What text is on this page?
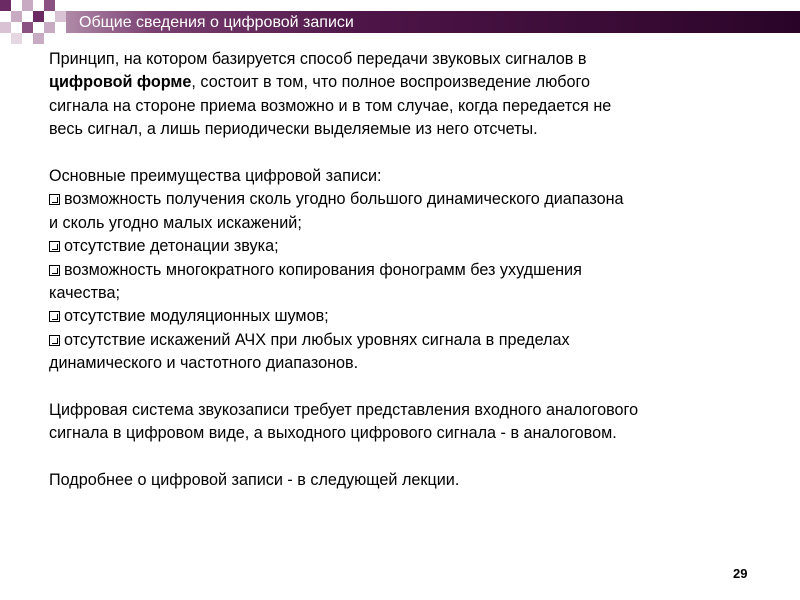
Общие сведения о цифровой записи

Принцип, на котором базируется способ передачи звуковых сигналов в
цифровой форме, состоит в том, что полное воспроизведение любого

сигнала на стороне приема возможно и в том случае, когда передается не

весь сигнал, а лишь периодически выделяемые из него отсчеты.

Основные преимущества цифровой записи:

возможность получения сколь угодно большого динамического диапазона

и сколь угодно малых искажений;

отсутствие детонации звука;

возможность многократного копирования фонограмм без ухудшения

качества;

отсутствие модуляционных шумов;

отсутствие искажений АЧХ при любых уровнях сигнала в пределах

динамического и частотного диапазонов.

Цифровая система звукозаписи требует представления входного аналогового

сигнала в цифровом виде, а выходного цифрового сигнала - в аналоговом.

Подробнее о цифровой записи - в следующей лекции.

29
